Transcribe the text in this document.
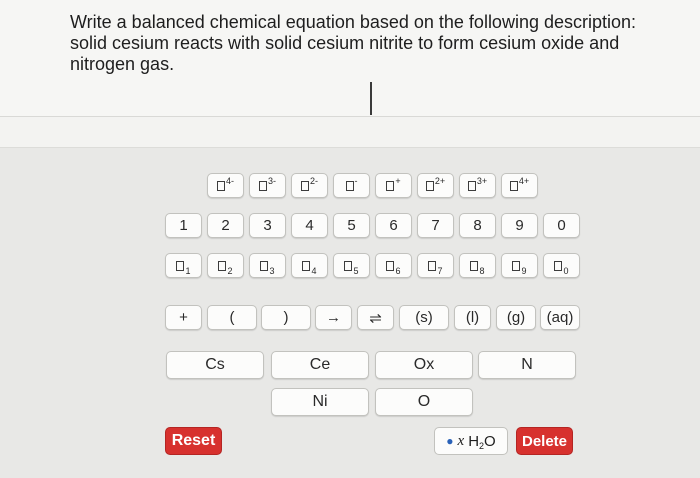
Write a balanced chemical equation based on the following description:
solid cesium reacts with solid cesium nitrite to form cesium oxide and
nitrogen gas.

4-	3-	2-	-	+	2+	3+	4+
1	2	3	4	5	6	7	8	9	0
1	2	3	4	5	6	7	8	9	0
+	(	)	→	⇌	(s)	(l)	(g)	(aq)
Cs	Ce	Ox	N
Ni	O
Reset	● x H 2 O	Delete
